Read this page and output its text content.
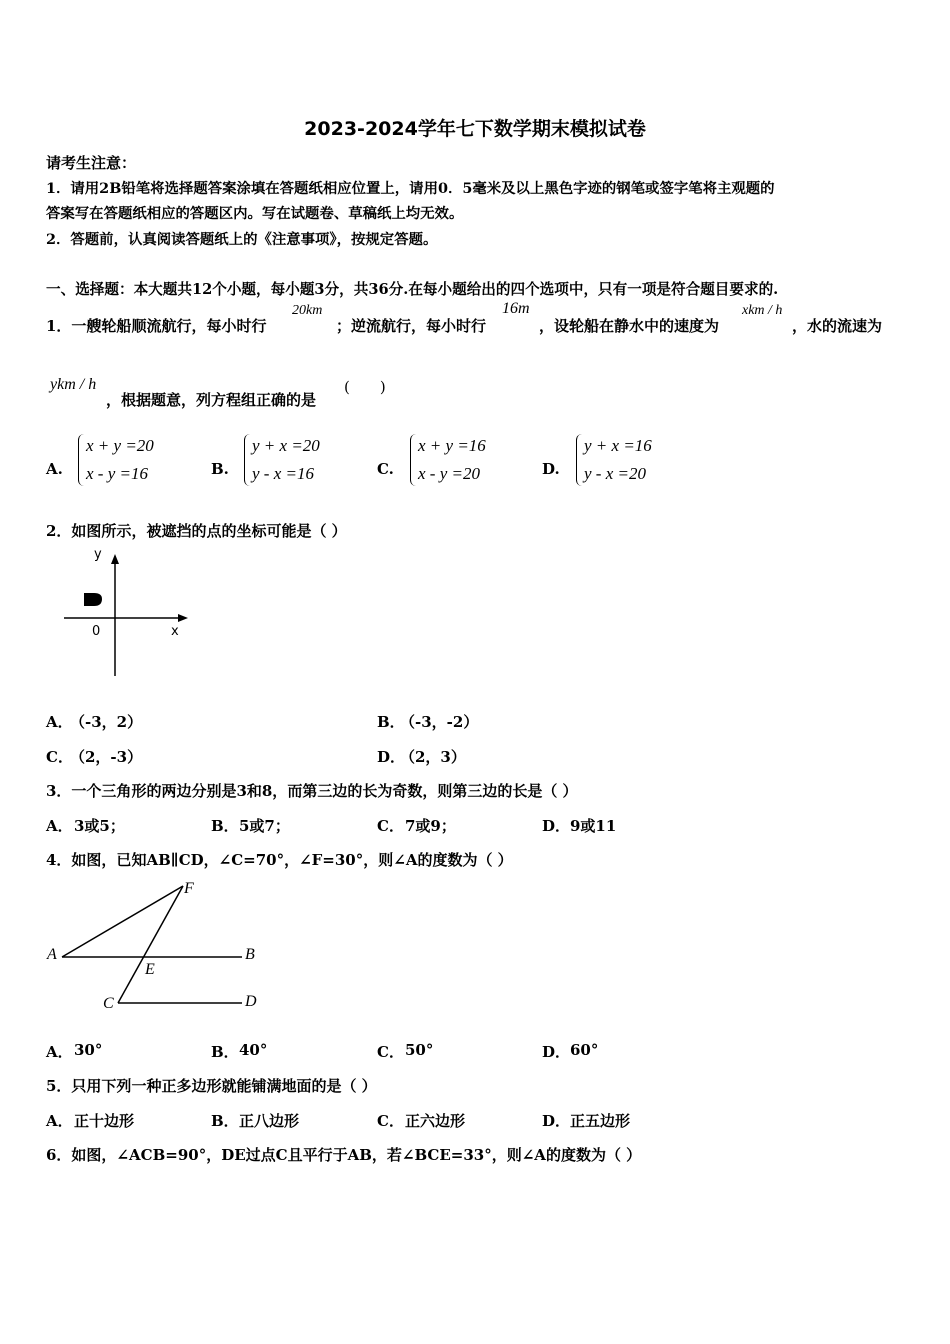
2023-2024学年七下数学期末模拟试卷
请考生注意：
1．请用2B铅笔将选择题答案涂填在答题纸相应位置上，请用0．5毫米及以上黑色字迹的钢笔或签字笔将主观题的
答案写在答题纸相应的答题区内。写在试题卷、草稿纸上均无效。
2．答题前，认真阅读答题纸上的《注意事项》，按规定答题。
一、选择题：本大题共12个小题，每小题3分，共36分.在每小题给出的四个选项中，只有一项是符合题目要求的.
1．一艘轮船顺流航行，每小时行
20km
；逆流航行，每小时行
16m
，设轮船在静水中的速度为
xkm / h
，水的流速为
ykm / h
，根据题意，列方程组正确的是
(　　)
A.
x + y =20
x - y =16	B.
y + x =20
y - x =16	C.
x + y =16
x - y =20	D.
y + x =16
y - x =20
2．如图所示，被遮挡的点的坐标可能是（ ）
y
x
0
A．
（-3，2）	B．
（-3，-2）
C．
（2，-3）	D．
（2，3）
3．一个三角形的两边分别是3和8，而第三边的长为奇数，则第三边的长是（ ）
A． 3或5；	B． 5或7；	C． 7或9；	D． 9或11
4．如图，已知AB∥CD，∠C=70°，∠F=30°，则∠A的度数为（ ）
A	B
C	D
E
F
A． 30°	B． 40°	C． 50°	D． 60°
5．只用下列一种正多边形就能铺满地面的是（ ）
A． 正十边形	B． 正八边形	C． 正六边形	D． 正五边形
6．如图，∠ACB=90°，DE过点C且平行于AB，若∠BCE=33°，则∠A的度数为（ ）
